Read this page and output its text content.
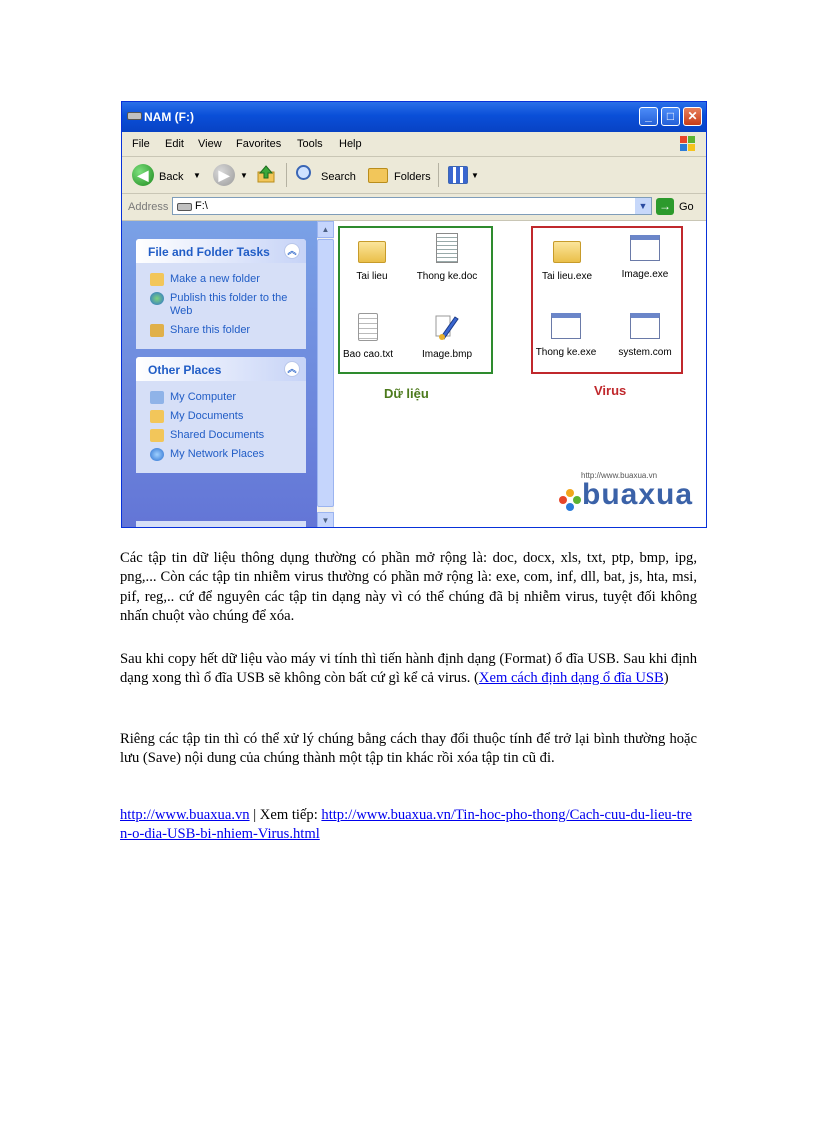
NAM (F:)	_	□	✕
File Edit View Favorites Tools Help
◀ Back ▼	▶	▼	Search	Folders	▼
Address F:\	▼ → Go
File and Folder Tasks	︽
Make a new folder
Publish this folder to the Web
Share this folder
Other Places	︽
My Computer
My Documents
Shared Documents
My Network Places
▲
▼
Tai lieu	Thong ke.doc
Bao cao.txt	Image.bmp
Tai lieu.exe	Image.exe
Thong ke.exe	system.com
Dữ liệu	Virus
http://www.buaxua.vn
buaxua

Các tập tin dữ liệu thông dụng thường có phần mở rộng là: doc, docx, xls, txt, ptp, bmp, ipg, png,... Còn các tập tin nhiễm virus thường có phần mở rộng là: exe, com, inf, dll, bat, js, hta, msi, pif, reg,.. cứ để nguyên các tập tin dạng này vì có thể chúng đã bị nhiễm virus, tuyệt đối không nhấn chuột vào chúng để xóa.

Sau khi copy hết dữ liệu vào máy vi tính thì tiến hành định dạng (Format) ổ đĩa USB. Sau khi định dạng xong thì ổ đĩa USB sẽ không còn bất cứ gì kể cả virus. (Xem cách định dạng ổ đĩa USB)

Riêng các tập tin thì có thể xử lý chúng bằng cách thay đổi thuộc tính để trở lại bình thường hoặc lưu (Save) nội dung của chúng thành một tập tin khác rồi xóa tập tin cũ đi.

http://www.buaxua.vn | Xem tiếp: http://www.buaxua.vn/Tin-hoc-pho-thong/Cach-cuu-du-lieu-tren-o-dia-USB-bi-nhiem-Virus.html
